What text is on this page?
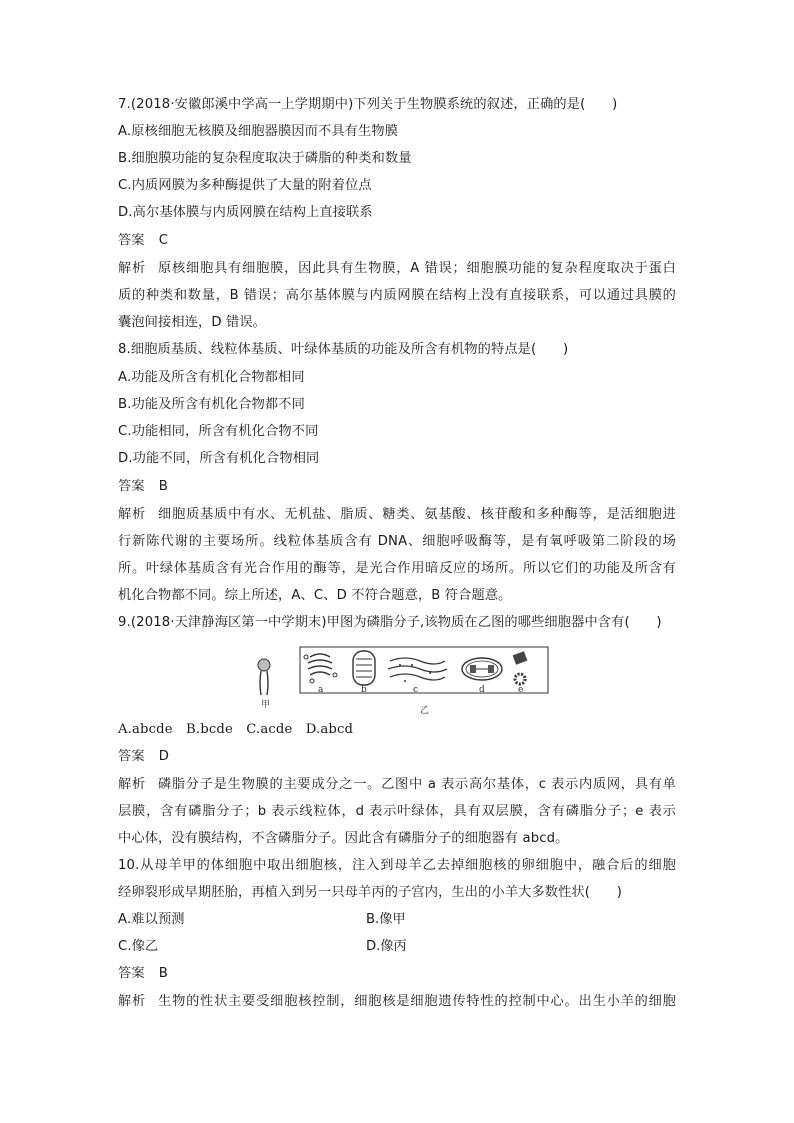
7.(2018·安徽郎溪中学高一上学期期中)下列关于生物膜系统的叙述，正确的是(　　)
A.原核细胞无核膜及细胞器膜因而不具有生物膜
B.细胞膜功能的复杂程度取决于磷脂的种类和数量
C.内质网膜为多种酶提供了大量的附着位点
D.高尔基体膜与内质网膜在结构上直接联系
答案 C
解析 原核细胞具有细胞膜，因此具有生物膜，A 错误；细胞膜功能的复杂程度取决于蛋白
质的种类和数量，B 错误；高尔基体膜与内质网膜在结构上没有直接联系，可以通过具膜的
囊泡间接相连，D 错误。
8.细胞质基质、线粒体基质、叶绿体基质的功能及所含有机物的特点是(　　)
A.功能及所含有机化合物都相同
B.功能及所含有机化合物都不同
C.功能相同，所含有机化合物不同
D.功能不同，所含有机化合物相同
答案 B
解析 细胞质基质中有水、无机盐、脂质、糖类、氨基酸、核苷酸和多种酶等，是活细胞进
行新陈代谢的主要场所。线粒体基质含有 DNA、细胞呼吸酶等，是有氧呼吸第二阶段的场
所。叶绿体基质含有光合作用的酶等，是光合作用暗反应的场所。所以它们的功能及所含有
机化合物都不同。综上所述，A、C、D 不符合题意，B 符合题意。
9.(2018·天津静海区第一中学期末)甲图为磷脂分子,该物质在乙图的哪些细胞器中含有(　　)
甲
a	b	c	d	e
乙
A.abcde　B.bcde　C.acde　D.abcd
答案 D
解析 磷脂分子是生物膜的主要成分之一。乙图中 a 表示高尔基体，c 表示内质网，具有单
层膜，含有磷脂分子；b 表示线粒体，d 表示叶绿体，具有双层膜，含有磷脂分子；e 表示
中心体，没有膜结构，不含磷脂分子。因此含有磷脂分子的细胞器有 abcd。
10.从母羊甲的体细胞中取出细胞核，注入到母羊乙去掉细胞核的卵细胞中，融合后的细胞
经卵裂形成早期胚胎，再植入到另一只母羊丙的子宫内，生出的小羊大多数性状(　　)
A.难以预测	B.像甲
C.像乙	D.像丙
答案 B
解析 生物的性状主要受细胞核控制，细胞核是细胞遗传特性的控制中心。出生小羊的细胞
